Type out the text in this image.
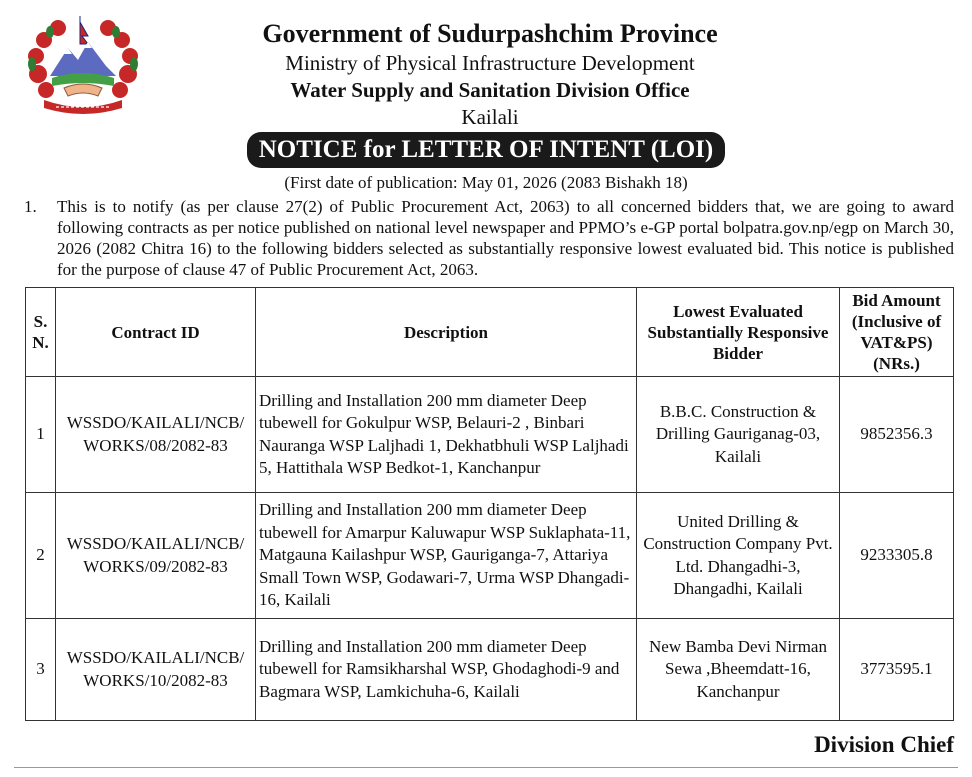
Government of Sudurpashchim Province
Ministry of Physical Infrastructure Development
Water Supply and Sanitation Division Office
Kailali
NOTICE for LETTER OF INTENT (LOI)
(First date of publication: May 01, 2026 (2083 Bishakh 18)
1. This is to notify (as per clause 27(2) of Public Procurement Act, 2063) to all concerned bidders that, we are going to award following contracts as per notice published on national level newspaper and PPMO’s e-GP portal bolpatra.gov.np/egp on March 30, 2026 (2082 Chitra 16) to the following bidders selected as substantially responsive lowest evaluated bid. This notice is published for the purpose of clause 47 of Public Procurement Act, 2063.
S. N.	Contract ID	Description	Lowest Evaluated Substantially Responsive Bidder	Bid Amount (Inclusive of VAT&PS) (NRs.)
1	WSSDO/KAILALI/NCB/ WORKS/08/2082-83	Drilling and Installation 200 mm diameter Deep tubewell for Gokulpur WSP, Belauri-2 , Binbari Nauranga WSP Laljhadi 1, Dekhatbhuli WSP Laljhadi 5, Hattithala WSP Bedkot-1, Kanchanpur	B.B.C. Construction & Drilling Gauriganag-03, Kailali	9852356.3
2	WSSDO/KAILALI/NCB/ WORKS/09/2082-83	Drilling and Installation 200 mm diameter Deep tubewell for Amarpur Kaluwapur WSP Suklaphata-11, Matgauna Kailashpur WSP, Gauriganga-7, Attariya Small Town WSP, Godawari-7, Urma WSP Dhangadi-16, Kailali	United Drilling & Construction Company Pvt. Ltd. Dhangadhi-3, Dhangadhi, Kailali	9233305.8
3	WSSDO/KAILALI/NCB/ WORKS/10/2082-83	Drilling and Installation 200 mm diameter Deep tubewell for Ramsikharshal WSP, Ghodaghodi-9 and Bagmara WSP, Lamkichuha-6, Kailali	New Bamba Devi Nirman Sewa ,Bheemdatt-16, Kanchanpur	3773595.1
Division Chief
